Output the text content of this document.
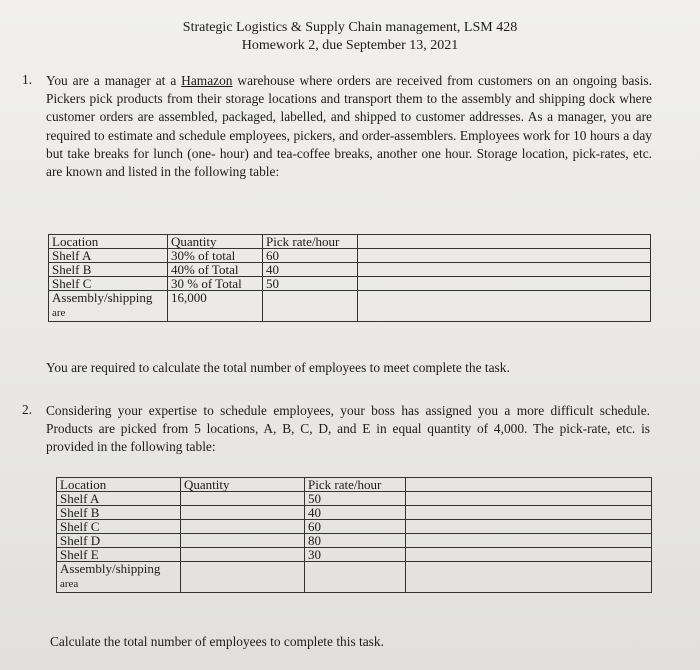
Strategic Logistics & Supply Chain management, LSM 428
Homework 2, due September 13, 2021
1. You are a manager at a Hamazon warehouse where orders are received from customers on an ongoing basis. Pickers pick products from their storage locations and transport them to the assembly and shipping dock where customer orders are assembled, packaged, labelled, and shipped to customer addresses. As a manager, you are required to estimate and schedule employees, pickers, and order-assemblers. Employees work for 10 hours a day but take breaks for lunch (one- hour) and tea-coffee breaks, another one hour. Storage location, pick-rates, etc. are known and listed in the following table:
Location	Quantity	Pick rate/hour	
Shelf A	30% of total	60	
Shelf B	40% of Total	40	
Shelf C	30 % of Total	50	

Assembly/shipping
are	16,000		
You are required to calculate the total number of employees to meet complete the task.
2. Considering your expertise to schedule employees, your boss has assigned you a more difficult schedule. Products are picked from 5 locations, A, B, C, D, and E in equal quantity of 4,000. The pick-rate, etc. is provided in the following table:
Location	Quantity	Pick rate/hour	
Shelf A		50	
Shelf B		40	
Shelf C		60	
Shelf D		80	
Shelf E		30	

Assembly/shipping
area			

Calculate the total number of employees to complete this task.
